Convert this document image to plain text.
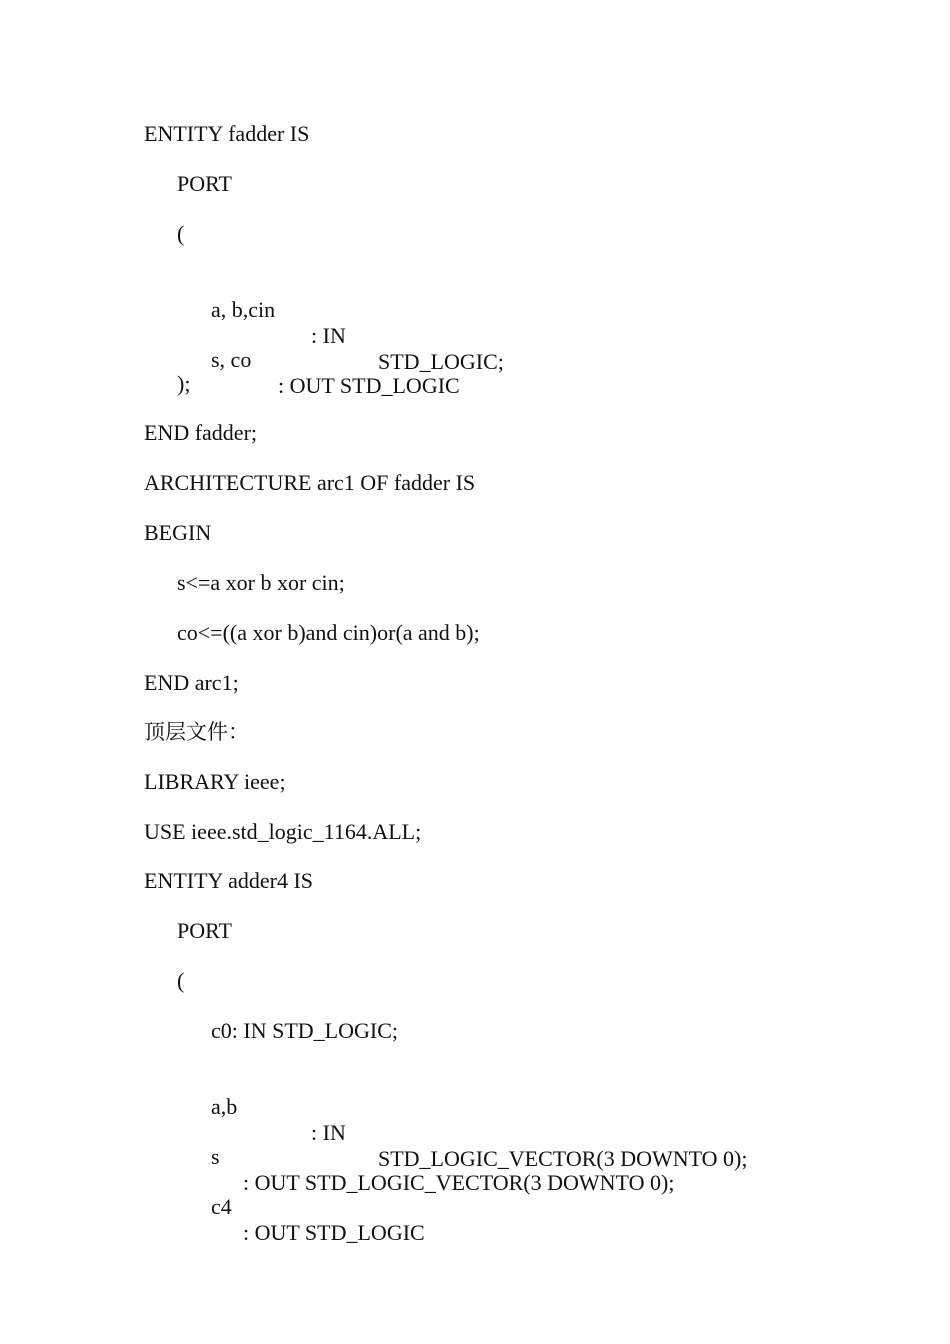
ENTITY fadder IS

PORT

(

a, b,cin

: IN

STD_LOGIC;

s, co

: OUT STD_LOGIC

);

END fadder;

ARCHITECTURE arc1 OF fadder IS

BEGIN

s<=a xor b xor cin;

co<=((a xor b)and cin)or(a and b);

END arc1;

顶层文件：

LIBRARY ieee;

USE ieee.std_logic_1164.ALL;

ENTITY adder4 IS

PORT

(

c0: IN STD_LOGIC;

a,b

: IN

STD_LOGIC_VECTOR(3 DOWNTO 0);

s

: OUT STD_LOGIC_VECTOR(3 DOWNTO 0);

c4

: OUT STD_LOGIC
